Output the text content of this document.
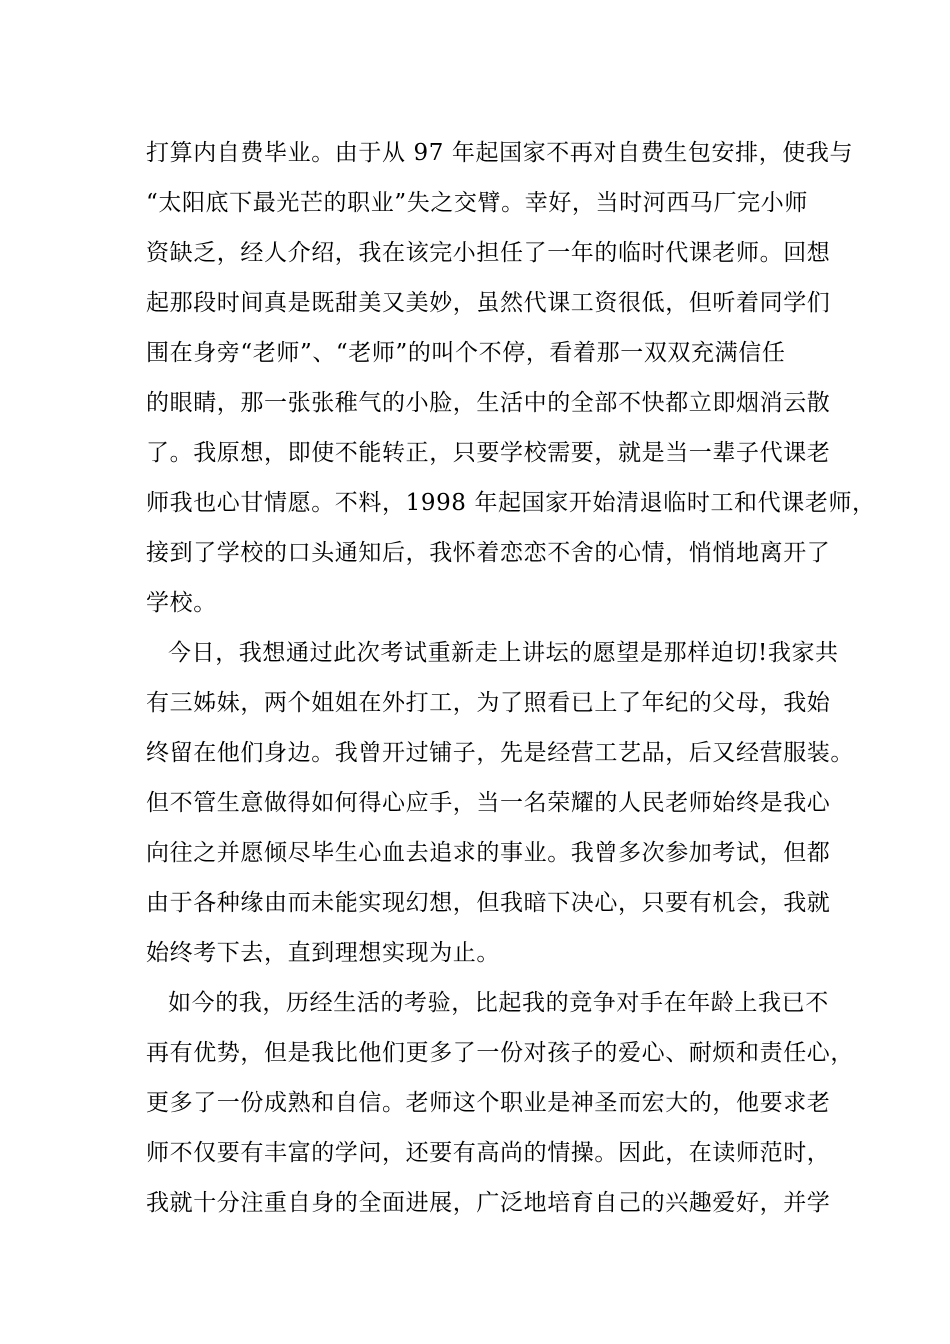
打算内自费毕业。由于从 97 年起国家不再对自费生包安排，使我与
“太阳底下最光芒的职业”失之交臂。幸好，当时河西马厂完小师
资缺乏，经人介绍，我在该完小担任了一年的临时代课老师。回想
起那段时间真是既甜美又美妙，虽然代课工资很低，但听着同学们
围在身旁“老师”、“老师”的叫个不停，看着那一双双充满信任
的眼睛，那一张张稚气的小脸，生活中的全部不快都立即烟消云散
了。我原想，即使不能转正，只要学校需要，就是当一辈子代课老
师我也心甘情愿。不料，1998 年起国家开始清退临时工和代课老师，
接到了学校的口头通知后，我怀着恋恋不舍的心情，悄悄地离开了
学校。
今日，我想通过此次考试重新走上讲坛的愿望是那样迫切!我家共
有三姊妹，两个姐姐在外打工，为了照看已上了年纪的父母，我始
终留在他们身边。我曾开过铺子，先是经营工艺品，后又经营服装。
但不管生意做得如何得心应手，当一名荣耀的人民老师始终是我心
向往之并愿倾尽毕生心血去追求的事业。我曾多次参加考试，但都
由于各种缘由而未能实现幻想，但我暗下决心，只要有机会，我就
始终考下去，直到理想实现为止。
如今的我，历经生活的考验，比起我的竞争对手在年龄上我已不
再有优势，但是我比他们更多了一份对孩子的爱心、耐烦和责任心，
更多了一份成熟和自信。老师这个职业是神圣而宏大的，他要求老
师不仅要有丰富的学问，还要有高尚的情操。因此，在读师范时，
我就十分注重自身的全面进展，广泛地培育自己的兴趣爱好，并学
